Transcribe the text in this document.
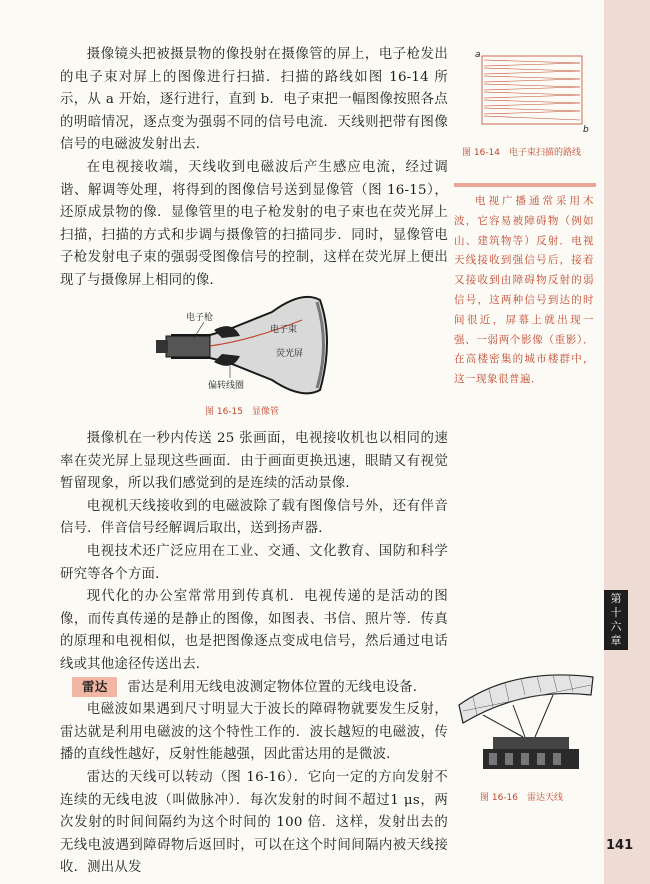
摄像镜头把被摄景物的像投射在摄像管的屏上，电子枪发出的电子束对屏上的图像进行扫描．扫描的路线如图 16-14 所示，从 a 开始，逐行进行，直到 b．电子束把一幅图像按照各点的明暗情况，逐点变为强弱不同的信号电流．天线则把带有图像信号的电磁波发射出去．

在电视接收端，天线收到电磁波后产生感应电流，经过调谐、解调等处理，将得到的图像信号送到显像管（图 16-15），还原成景物的像．显像管里的电子枪发射的电子束也在荧光屏上扫描，扫描的方式和步调与摄像管的扫描同步．同时，显像管电子枪发射电子束的强弱受图像信号的控制，这样在荧光屏上便出现了与摄像屏上相同的像．

电子枪
电子束
荧光屏
偏转线圈
图 16-15　显像管

摄像机在一秒内传送 25 张画面，电视接收机也以相同的速率在荧光屏上显现这些画面．由于画面更换迅速，眼睛又有视觉暂留现象，所以我们感觉到的是连续的活动景像．

电视机天线接收到的电磁波除了载有图像信号外，还有伴音信号．伴音信号经解调后取出，送到扬声器．

电视技术还广泛应用在工业、交通、文化教育、国防和科学研究等各个方面．

现代化的办公室常常用到传真机．电视传递的是活动的图像，而传真传递的是静止的图像，如图表、书信、照片等．传真的原理和电视相似，也是把图像逐点变成电信号，然后通过电话线或其他途径传送出去．

雷达 雷达是利用无线电波测定物体位置的无线电设备．

电磁波如果遇到尺寸明显大于波长的障碍物就要发生反射，雷达就是利用电磁波的这个特性工作的．波长越短的电磁波，传播的直线性越好，反射性能越强，因此雷达用的是微波．

雷达的天线可以转动（图 16-16）．它向一定的方向发射不连续的无线电波（叫做脉冲）．每次发射的时间不超过1 μs，两次发射的时间间隔约为这个时间的 100 倍．这样，发射出去的无线电波遇到障碍物后返回时，可以在这个时间间隔内被天线接收．测出从发

a
b
图 16-14　电子束扫描的路线
电视广播通常采用木波，它容易被障碍物（例如山、建筑物等）反射．电视天线接收到强信号后，接着又接收到由障碍物反射的弱信号，这两种信号到达的时间很近，屏幕上就出现一强、一弱两个影像（重影）．在高楼密集的城市楼群中，这一现象很普遍．
第
十
六
章
图 16-16　雷达天线
141
